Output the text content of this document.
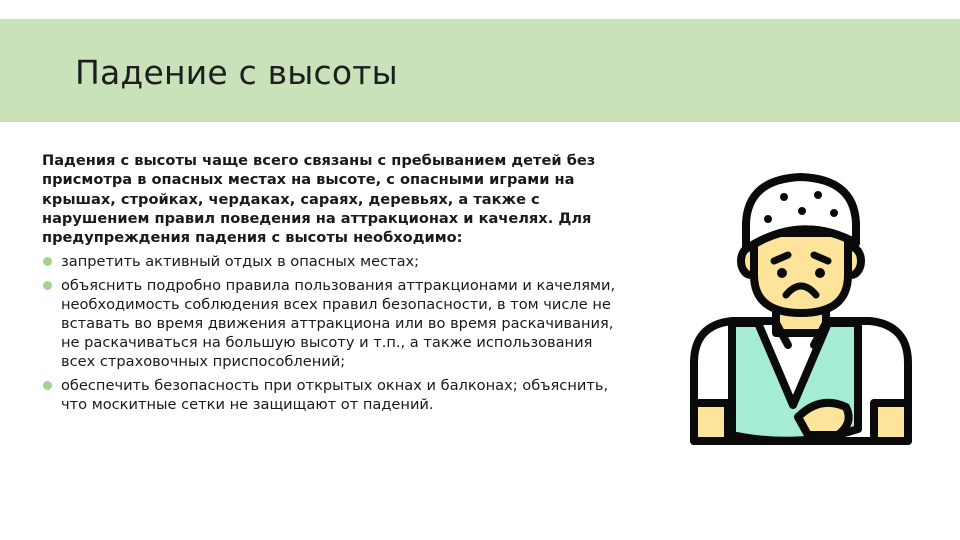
Падение с высоты

Падения с высоты чаще всего связаны с пребыванием детей без присмотра в опасных местах на высоте, с опасными играми на крышах, стройках, чердаках, сараях, деревьях, а также с нарушением правил поведения на аттракционах и качелях. Для предупреждения падения с высоты необходимо:

запретить активный отдых в опасных местах;
объяснить подробно правила пользования аттракционами и качелями, необходимость соблюдения всех правил безопасности, в том числе не вставать во время движения аттракциона или во время раскачивания, не раскачиваться на большую высоту и т.п., а также использования всех страховочных приспособлений;
обеспечить безопасность при открытых окнах и балконах; объяснить, что москитные сетки не защищают от падений.
